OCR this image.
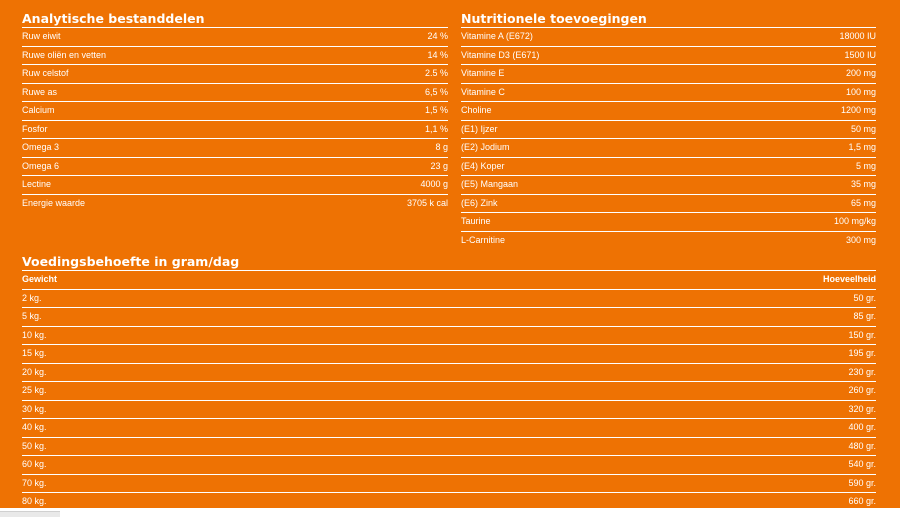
Analytische bestanddelen
Ruw eiwit	24 %
Ruwe oliën en vetten	14 %
Ruw celstof	2.5 %
Ruwe as	6,5 %
Calcium	1,5 %
Fosfor	1,1 %
Omega 3	8 g
Omega 6	23 g
Lectine	4000 g
Energie waarde	3705 k cal
Nutritionele toevoegingen
Vitamine A (E672)	18000 IU
Vitamine D3 (E671)	1500 IU
Vitamine E	200 mg
Vitamine C	100 mg
Choline	1200 mg
(E1) Ijzer	50 mg
(E2) Jodium	1,5 mg
(E4) Koper	5 mg
(E5) Mangaan	35 mg
(E6) Zink	65 mg
Taurine	100 mg/kg
L-Carnitine	300 mg
Voedingsbehoefte in gram/dag
Gewicht	Hoeveelheid
2 kg.	50 gr.
5 kg.	85 gr.
10 kg.	150 gr.
15 kg.	195 gr.
20 kg.	230 gr.
25 kg.	260 gr.
30 kg.	320 gr.
40 kg.	400 gr.
50 kg.	480 gr.
60 kg.	540 gr.
70 kg.	590 gr.
80 kg.	660 gr.
